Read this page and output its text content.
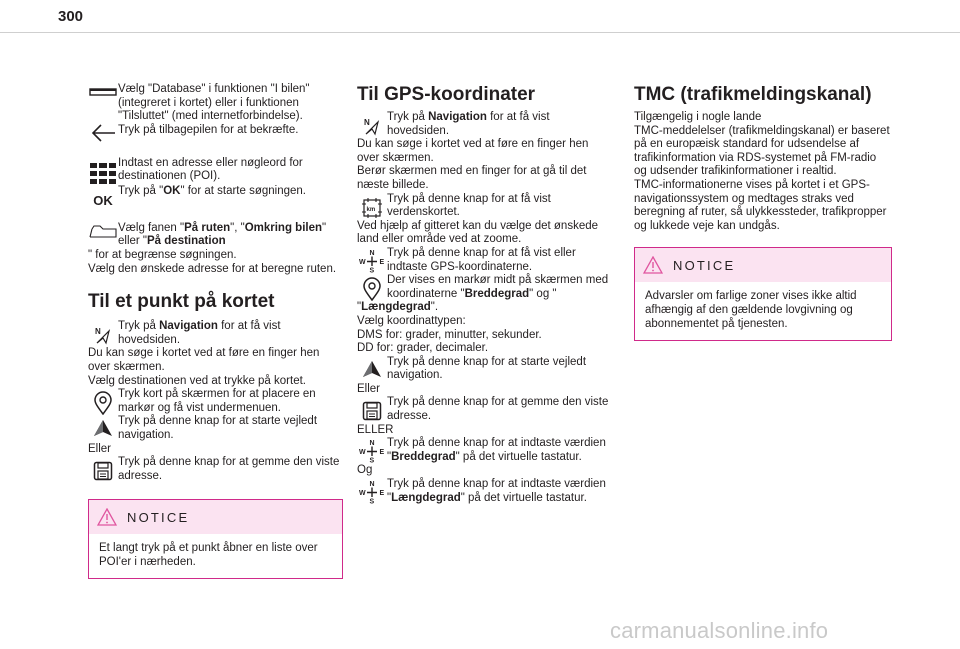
300

Vælg "Database" i funktionen "I bilen" (integreret i kortet) eller i funktionen "Tilsluttet" (med internetforbindelse).

Tryk på tilbagepilen for at bekræfte.

Indtast en adresse eller nøgleord for destinationen (POI).

OK

Tryk på "OK" for at starte søgningen.

Vælg fanen "På ruten", "Omkring bilen" eller "På destination

" for at begrænse søgningen.

Vælg den ønskede adresse for at beregne ruten.

Til et punkt på kortet
N Tryk på Navigation for at få vist hovedsiden.

Du kan søge i kortet ved at føre en finger hen over skærmen.

Vælg destinationen ved at trykke på kortet.

Tryk kort på skærmen for at placere en markør og få vist undermenuen.

Tryk på denne knap for at starte vejledt navigation.

Eller

Tryk på denne knap for at gemme den viste adresse.

NOTICE

Et langt tryk på et punkt åbner en liste over POI'er i nærheden.

Til GPS-koordinater
N Tryk på Navigation for at få vist hovedsiden.

Du kan søge i kortet ved at føre en finger hen over skærmen.

Berør skærmen med en finger for at gå til det næste billede.

km

Tryk på denne knap for at få vist verdenskortet.

Ved hjælp af gitteret kan du vælge det ønskede land eller område ved at zoome.

N
S
W E

Tryk på denne knap for at få vist eller indtaste GPS-koordinaterne.

Der vises en markør midt på skærmen med koordinaterne "Breddegrad" og "

"Længdegrad".

Vælg koordinattypen:

DMS for: grader, minutter, sekunder.

DD for: grader, decimaler.

Tryk på denne knap for at starte vejledt navigation.

Eller

Tryk på denne knap for at gemme den viste adresse.

ELLER

N
S
W E

Tryk på denne knap for at indtaste værdien "Breddegrad" på det virtuelle tastatur.

Og

N
S
W E

Tryk på denne knap for at indtaste værdien "Længdegrad" på det virtuelle tastatur.

TMC (trafikmeldingskanal)

Tilgængelig i nogle lande

TMC-meddelelser (trafikmeldingskanal) er baseret på en europæisk standard for udsendelse af trafikinformation via RDS-systemet på FM-radio og udsender trafikinformationer i realtid.

TMC-informationerne vises på kortet i et GPS-navigationssystem og medtages straks ved beregning af ruter, så ulykkessteder, trafikpropper og lukkede veje kan undgås.

NOTICE

Advarsler om farlige zoner vises ikke altid afhængig af den gældende lovgivning og abonnementet på tjenesten.

carmanualsonline.info
